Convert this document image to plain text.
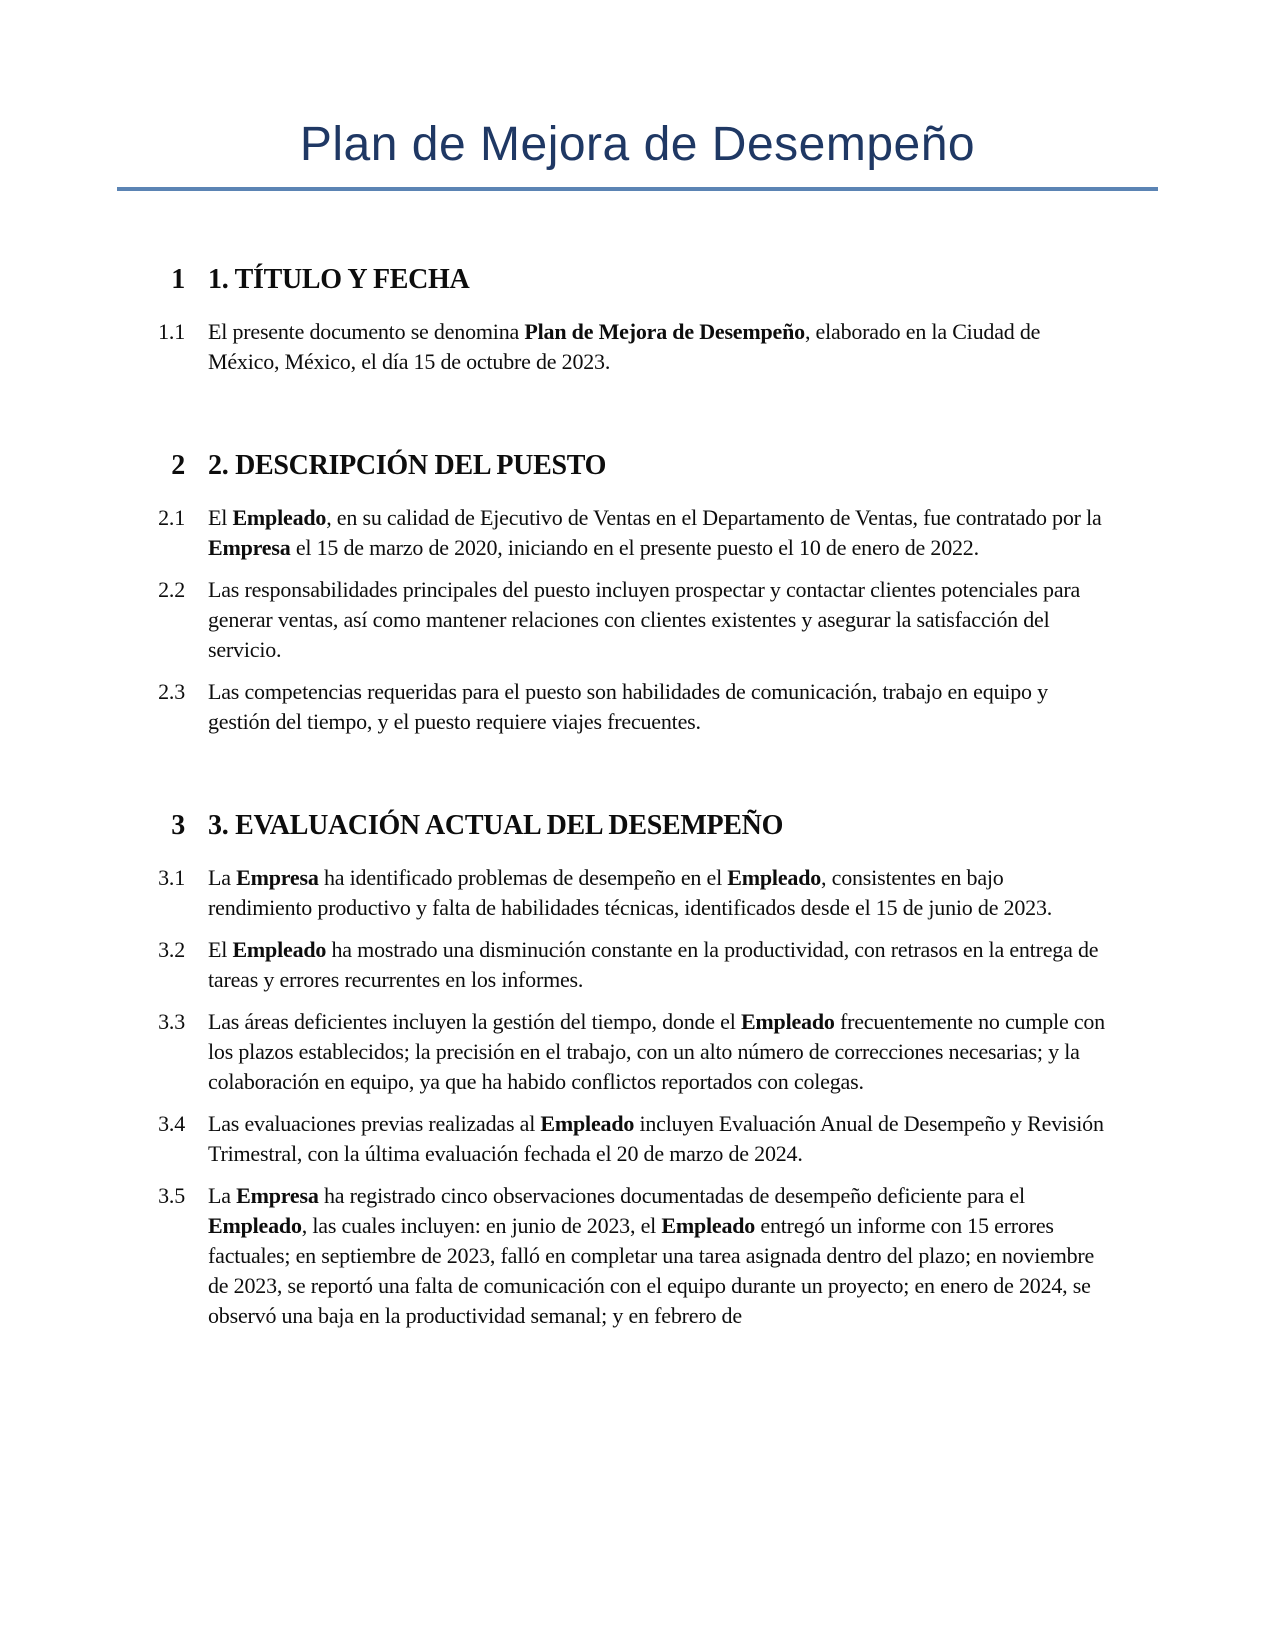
Plan de Mejora de Desempeño
1 1. TÍTULO Y FECHA
1.1 El presente documento se denomina Plan de Mejora de Desempeño, elaborado en la Ciudad de México, México, el día 15 de octubre de 2023.
2 2. DESCRIPCIÓN DEL PUESTO
2.1 El Empleado, en su calidad de Ejecutivo de Ventas en el Departamento de Ventas, fue contratado por la Empresa el 15 de marzo de 2020, iniciando en el presente puesto el 10 de enero de 2022.
2.2 Las responsabilidades principales del puesto incluyen prospectar y contactar clientes potenciales para generar ventas, así como mantener relaciones con clientes existentes y asegurar la satisfacción del servicio.
2.3 Las competencias requeridas para el puesto son habilidades de comunicación, trabajo en equipo y gestión del tiempo, y el puesto requiere viajes frecuentes.
3 3. EVALUACIÓN ACTUAL DEL DESEMPEÑO
3.1 La Empresa ha identificado problemas de desempeño en el Empleado, consistentes en bajo rendimiento productivo y falta de habilidades técnicas, identificados desde el 15 de junio de 2023.
3.2 El Empleado ha mostrado una disminución constante en la productividad, con retrasos en la entrega de tareas y errores recurrentes en los informes.
3.3 Las áreas deficientes incluyen la gestión del tiempo, donde el Empleado frecuentemente no cumple con los plazos establecidos; la precisión en el trabajo, con un alto número de correcciones necesarias; y la colaboración en equipo, ya que ha habido conflictos reportados con colegas.
3.4 Las evaluaciones previas realizadas al Empleado incluyen Evaluación Anual de Desempeño y Revisión Trimestral, con la última evaluación fechada el 20 de marzo de 2024.
3.5 La Empresa ha registrado cinco observaciones documentadas de desempeño deficiente para el Empleado, las cuales incluyen: en junio de 2023, el Empleado entregó un informe con 15 errores factuales; en septiembre de 2023, falló en completar una tarea asignada dentro del plazo; en noviembre de 2023, se reportó una falta de comunicación con el equipo durante un proyecto; en enero de 2024, se observó una baja en la productividad semanal; y en febrero de
